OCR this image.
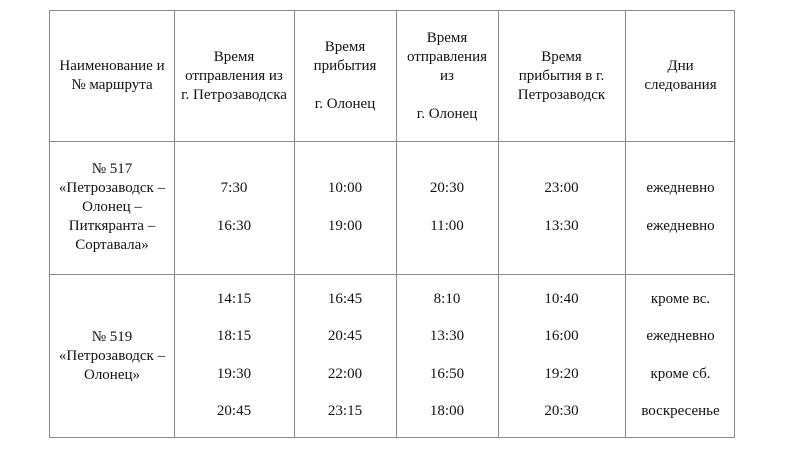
Наименование и
№ маршрута
Время
отправления из
г. Петрозаводска
Время
прибытия
г. Олонец
Время
отправления
из
г. Олонец
Время
прибытия в г.
Петрозаводск
Дни
следования
№ 517
«Петрозаводск –
Олонец –
Питкяранта –
Сортавала»
7:30
16:30
10:00
19:00
20:30
11:00
23:00
13:30
ежедневно
ежедневно
№ 519
«Петрозаводск –
Олонец»
14:15
18:15
19:30
20:45
16:45
20:45
22:00
23:15
8:10
13:30
16:50
18:00
10:40
16:00
19:20
20:30
кроме вс.
ежедневно
кроме сб.
воскресенье
